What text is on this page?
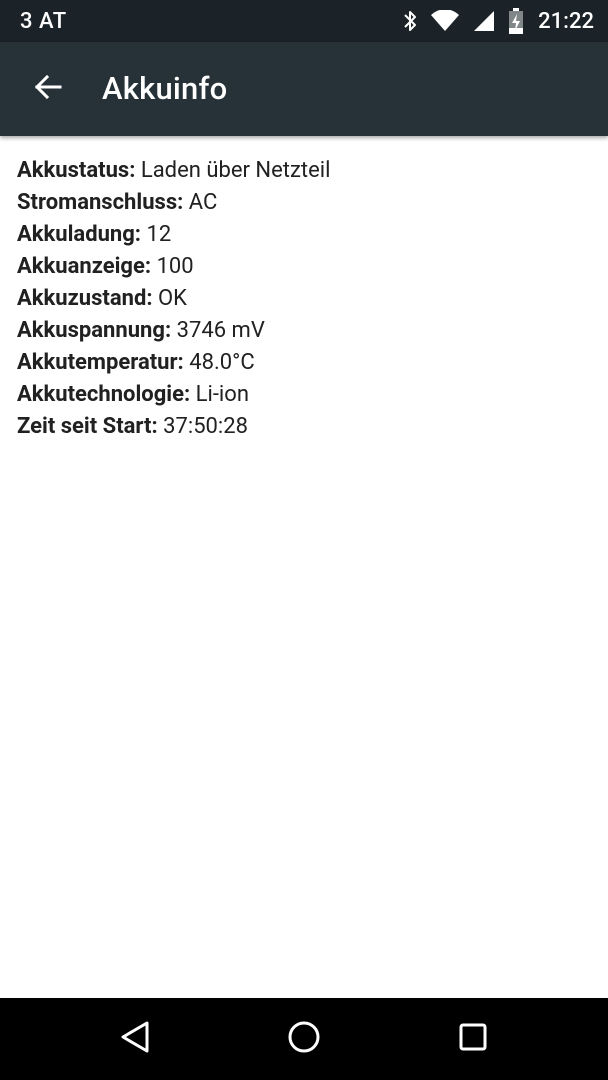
3 AT	21:22
Akkuinfo
Akkustatus: Laden über Netzteil
Stromanschluss: AC
Akkuladung: 12
Akkuanzeige: 100
Akkuzustand: OK
Akkuspannung: 3746 mV
Akkutemperatur: 48.0°C
Akkutechnologie: Li-ion
Zeit seit Start: 37:50:28
